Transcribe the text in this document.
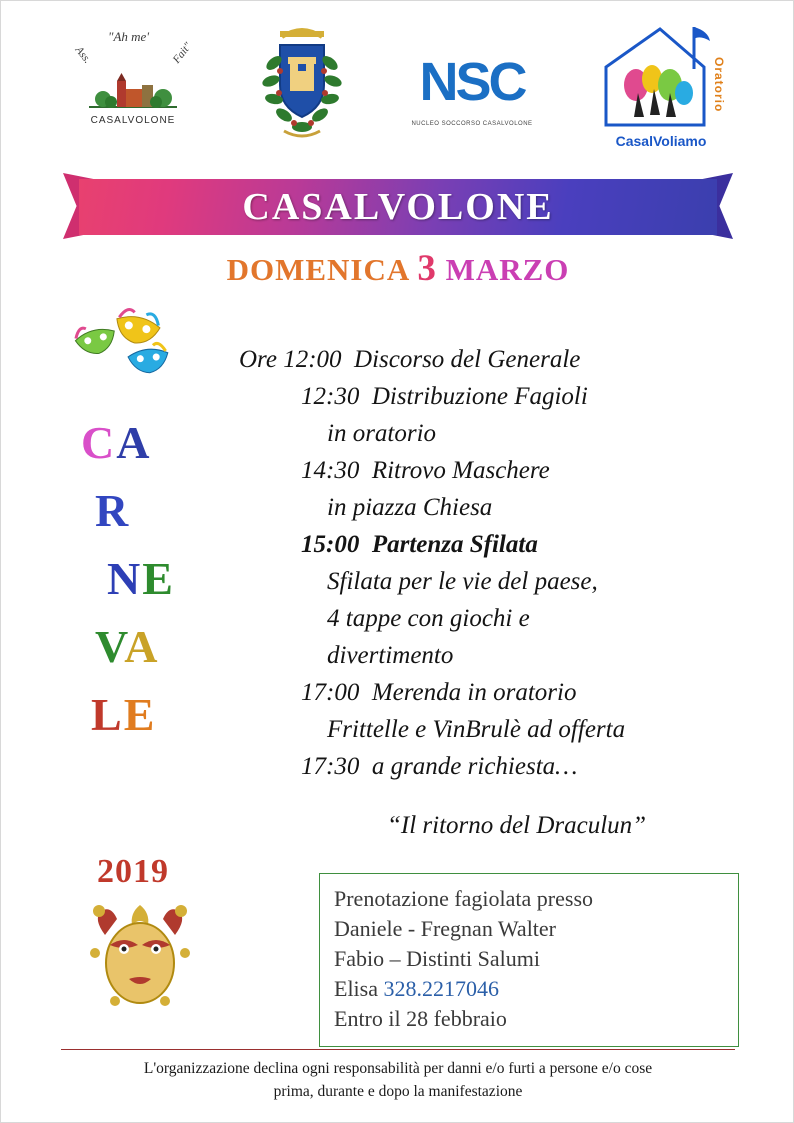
Ass.
"Ah me'
Fait"
CASALVOLONE
NSC
NUCLEO SOCCORSO CASALVOLONE
Oratorio
CasalVoliamo
CASALVOLONE
DOMENICA 3 MARZO
CA
R
NE
VA
LE
2019
Ore 12:00  Discorso del Generale
12:30  Distribuzione Fagioli
in oratorio
14:30  Ritrovo Maschere
in piazza Chiesa
15:00  Partenza Sfilata
Sfilata per le vie del paese,
4 tappe con giochi e
divertimento
17:00  Merenda in oratorio
Frittelle e VinBrulè ad offerta
17:30  a grande richiesta…
“Il ritorno del Draculun”
Prenotazione fagiolata presso
Daniele - Fregnan Walter
Fabio – Distinti Salumi
Elisa 328.2217046
Entro il 28 febbraio
L'organizzazione declina ogni responsabilità per danni e/o furti a persone e/o cose
prima, durante e dopo la manifestazione
